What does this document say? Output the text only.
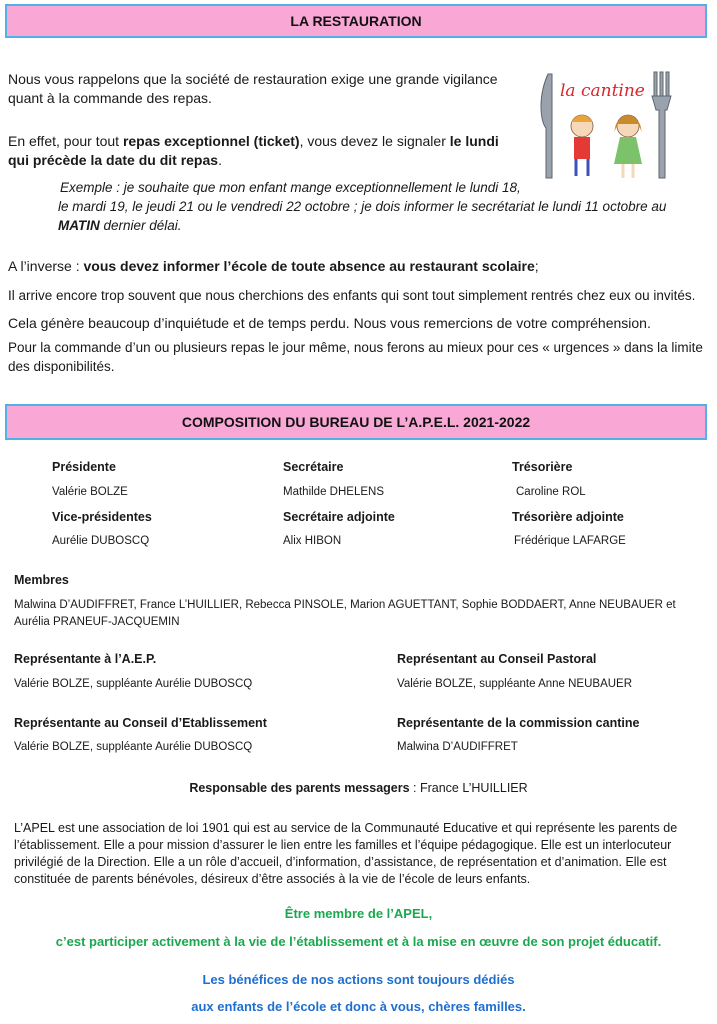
LA RESTAURATION

Nous vous rappelons que la société de restauration exige une grande vigilance quant à la commande des repas.

En effet, pour tout repas exceptionnel (ticket), vous devez le signaler le lundi qui précède la date du dit repas.

Exemple : je souhaite que mon enfant mange exceptionnellement le lundi 18,
le mardi 19, le jeudi 21 ou le vendredi 22 octobre ; je dois informer le secrétariat le lundi 11 octobre au
MATIN dernier délai.

A l’inverse : vous devez informer l’école de toute absence au restaurant scolaire;

Il arrive encore trop souvent que nous cherchions des enfants qui sont tout simplement rentrés chez eux ou invités.

Cela génère beaucoup d’inquiétude et de temps perdu. Nous vous remercions de votre compréhension.

Pour la commande d’un ou plusieurs repas le jour même, nous ferons au mieux pour ces « urgences » dans la limite des disponibilités.

la cantine
COMPOSITION DU BUREAU DE L’A.P.E.L. 2021-2022
Présidente
Valérie BOLZE
Secrétaire
Mathilde DHELENS
Trésorière
Caroline ROL
Vice-présidentes
Aurélie DUBOSCQ
Secrétaire adjointe
Alix HIBON
Trésorière adjointe
Frédérique LAFARGE
Membres
Malwina D’AUDIFFRET, France L’HUILLIER, Rebecca PINSOLE, Marion AGUETTANT, Sophie BODDAERT, Anne NEUBAUER et Aurélia PRANEUF-JACQUEMIN
Représentante à l’A.E.P.
Valérie BOLZE, suppléante Aurélie DUBOSCQ
Représentant au Conseil Pastoral
Valérie BOLZE, suppléante Anne NEUBAUER
Représentante au Conseil d’Etablissement
Valérie BOLZE, suppléante Aurélie DUBOSCQ
Représentante de la commission cantine
Malwina D’AUDIFFRET
Responsable des parents messagers : France L’HUILLIER
L’APEL est une association de loi 1901 qui est au service de la Communauté Educative et qui représente les parents de l’établissement. Elle a pour mission d’assurer le lien entre les familles et l’équipe pédagogique. Elle est un interlocuteur privilégié de la Direction. Elle a un rôle d’accueil, d’information, d’assistance, de représentation et d’animation. Elle est constituée de parents bénévoles, désireux d’être associés à la vie de l’école de leurs enfants.
Être membre de l’APEL,
c’est participer activement à la vie de l’établissement et à la mise en œuvre de son projet éducatif.
Les bénéfices de nos actions sont toujours dédiés
aux enfants de l’école et donc à vous, chères familles.
